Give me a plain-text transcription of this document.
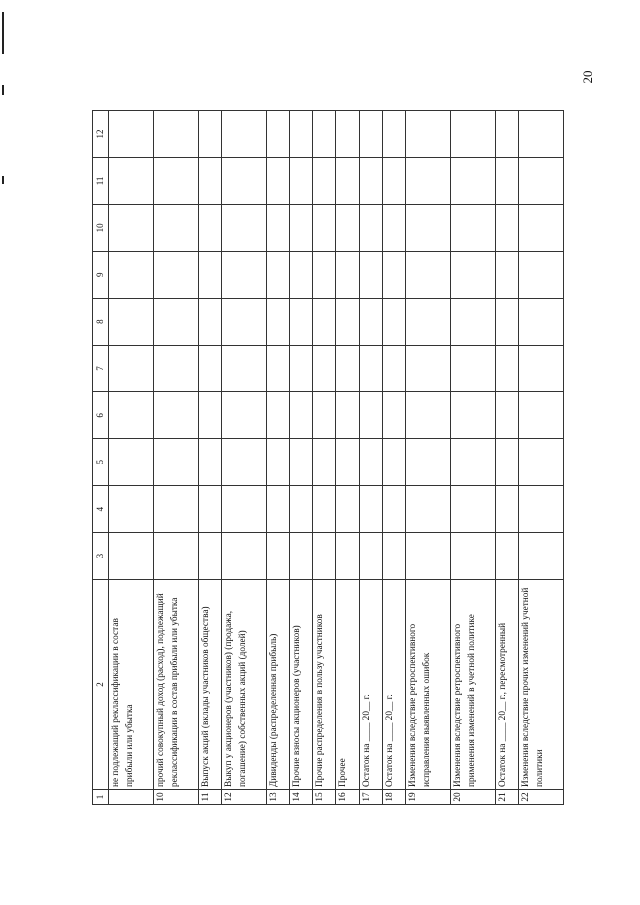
20
1	2	3	4	5	6	7	8	9	10	11	12
	не подлежащий реклассификации в состав прибыли или убытка										
10	прочий совокупный доход (расход), подлежащий реклассификации в состав прибыли или убытка										
11	Выпуск акций (вклады участников общества)										
12	Выкуп у акционеров (участников) (продажа, погашение) собственных акций (долей)										
13	Дивиденды (распределенная прибыль)										
14	Прочие взносы акционеров (участников)										
15	Прочие распределения в пользу участников										
16	Прочее										
17	Остаток на ____ 20__ г.										
18	Остаток на ____ 20__ г.										
19	Изменения вследствие ретроспективного исправления выявленных ошибок										
20	Изменения вследствие ретроспективного применения изменений в учетной политике										
21	Остаток на ____ 20__ г., пересмотренный										
22	Изменения вследствие прочих изменений учетной политики										
